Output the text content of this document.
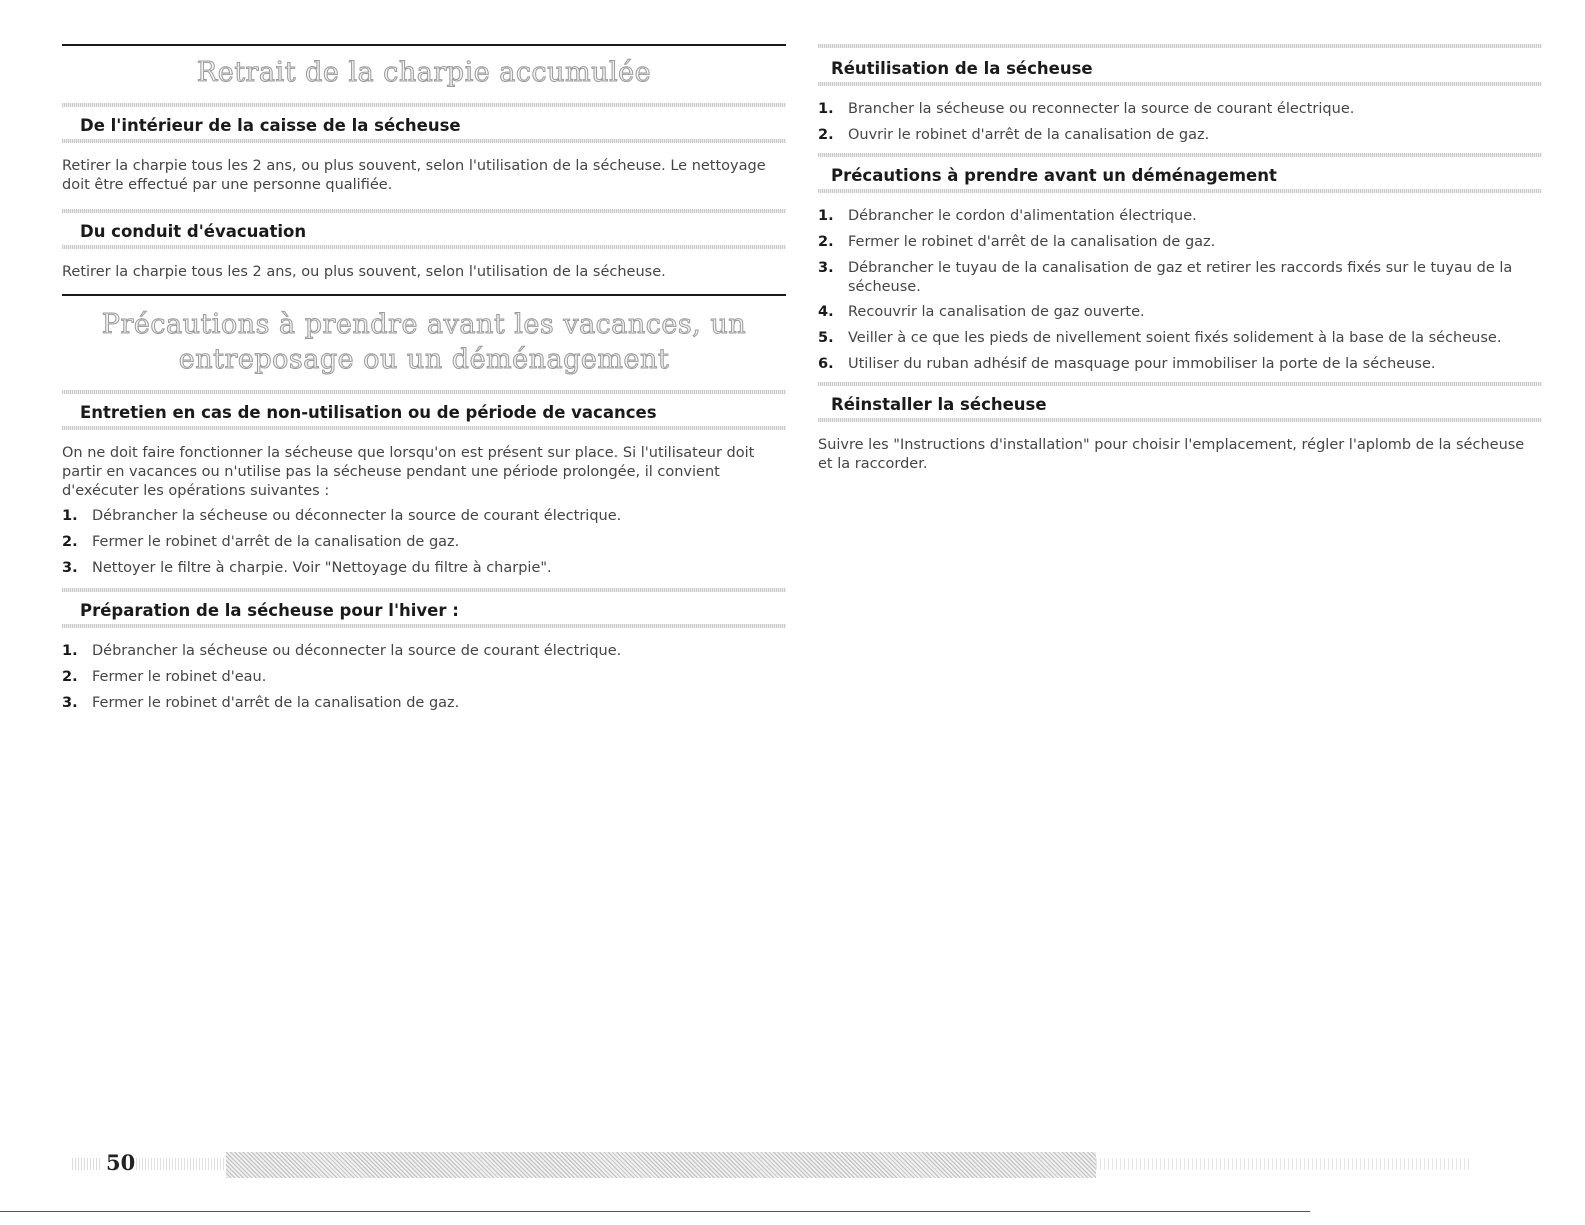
Retrait de la charpie accumulée
De l'intérieur de la caisse de la sécheuse

Retirer la charpie tous les 2 ans, ou plus souvent, selon l'utilisation de la sécheuse. Le nettoyage doit être effectué par une personne qualifiée.

Du conduit d'évacuation

Retirer la charpie tous les 2 ans, ou plus souvent, selon l'utilisation de la sécheuse.

Précautions à prendre avant les vacances, un
entreposage ou un déménagement
Entretien en cas de non-utilisation ou de période de vacances

On ne doit faire fonctionner la sécheuse que lorsqu'on est présent sur place. Si l'utilisateur doit partir en vacances ou n'utilise pas la sécheuse pendant une période prolongée, il convient d'exécuter les opérations suivantes :

1. Débrancher la sécheuse ou déconnecter la source de courant électrique.
2. Fermer le robinet d'arrêt de la canalisation de gaz.
3. Nettoyer le filtre à charpie. Voir "Nettoyage du filtre à charpie".
Préparation de la sécheuse pour l'hiver :
1. Débrancher la sécheuse ou déconnecter la source de courant électrique.
2. Fermer le robinet d'eau.
3. Fermer le robinet d'arrêt de la canalisation de gaz.
Réutilisation de la sécheuse
1. Brancher la sécheuse ou reconnecter la source de courant électrique.
2. Ouvrir le robinet d'arrêt de la canalisation de gaz.
Précautions à prendre avant un déménagement
1. Débrancher le cordon d'alimentation électrique.
2. Fermer le robinet d'arrêt de la canalisation de gaz.
3. Débrancher le tuyau de la canalisation de gaz et retirer les raccords fixés sur le tuyau de la sécheuse.
4. Recouvrir la canalisation de gaz ouverte.
5. Veiller à ce que les pieds de nivellement soient fixés solidement à la base de la sécheuse.
6. Utiliser du ruban adhésif de masquage pour immobiliser la porte de la sécheuse.
Réinstaller la sécheuse

Suivre les "Instructions d'installation" pour choisir l'emplacement, régler l'aplomb de la sécheuse et la raccorder.

50
